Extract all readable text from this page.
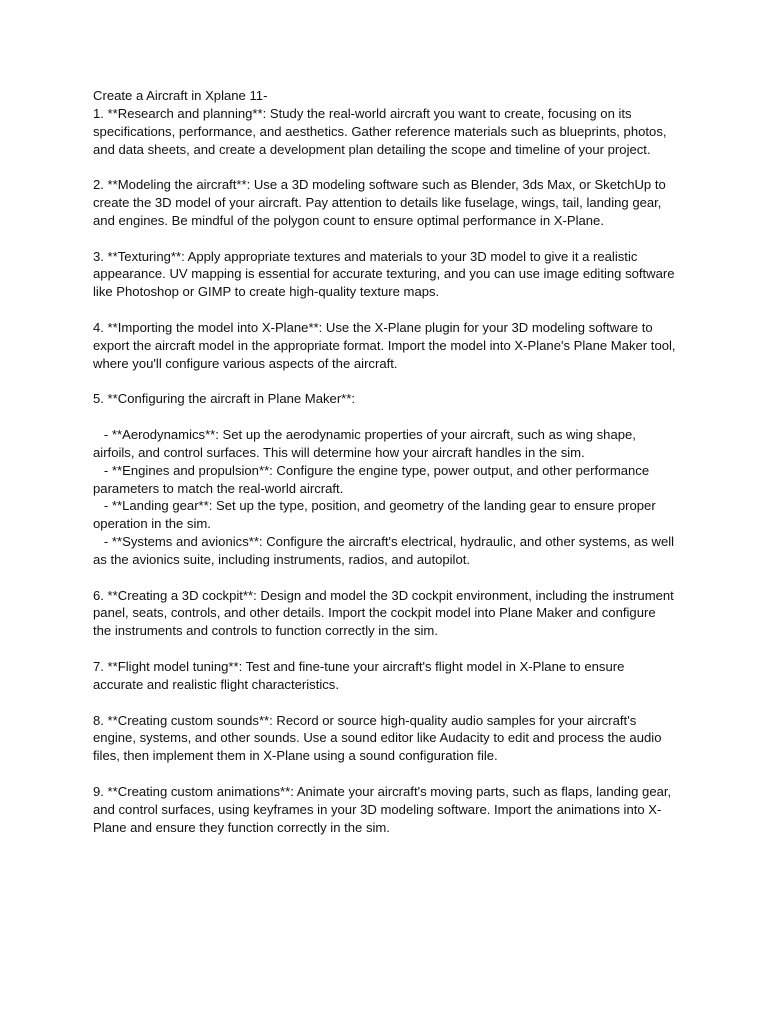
Create a Aircraft in Xplane 11-

1. **Research and planning**: Study the real-world aircraft you want to create, focusing on its specifications, performance, and aesthetics. Gather reference materials such as blueprints, photos, and data sheets, and create a development plan detailing the scope and timeline of your project.

2. **Modeling the aircraft**: Use a 3D modeling software such as Blender, 3ds Max, or SketchUp to create the 3D model of your aircraft. Pay attention to details like fuselage, wings, tail, landing gear, and engines. Be mindful of the polygon count to ensure optimal performance in X-Plane.

3. **Texturing**: Apply appropriate textures and materials to your 3D model to give it a realistic appearance. UV mapping is essential for accurate texturing, and you can use image editing software like Photoshop or GIMP to create high-quality texture maps.

4. **Importing the model into X-Plane**: Use the X-Plane plugin for your 3D modeling software to export the aircraft model in the appropriate format. Import the model into X-Plane's Plane Maker tool, where you'll configure various aspects of the aircraft.

5. **Configuring the aircraft in Plane Maker**:

- **Aerodynamics**: Set up the aerodynamic properties of your aircraft, such as wing shape, airfoils, and control surfaces. This will determine how your aircraft handles in the sim.

- **Engines and propulsion**: Configure the engine type, power output, and other performance parameters to match the real-world aircraft.

- **Landing gear**: Set up the type, position, and geometry of the landing gear to ensure proper operation in the sim.

- **Systems and avionics**: Configure the aircraft's electrical, hydraulic, and other systems, as well as the avionics suite, including instruments, radios, and autopilot.

6. **Creating a 3D cockpit**: Design and model the 3D cockpit environment, including the instrument panel, seats, controls, and other details. Import the cockpit model into Plane Maker and configure the instruments and controls to function correctly in the sim.

7. **Flight model tuning**: Test and fine-tune your aircraft's flight model in X-Plane to ensure accurate and realistic flight characteristics.

8. **Creating custom sounds**: Record or source high-quality audio samples for your aircraft's engine, systems, and other sounds. Use a sound editor like Audacity to edit and process the audio files, then implement them in X-Plane using a sound configuration file.

9. **Creating custom animations**: Animate your aircraft's moving parts, such as flaps, landing gear, and control surfaces, using keyframes in your 3D modeling software. Import the animations into X-Plane and ensure they function correctly in the sim.
